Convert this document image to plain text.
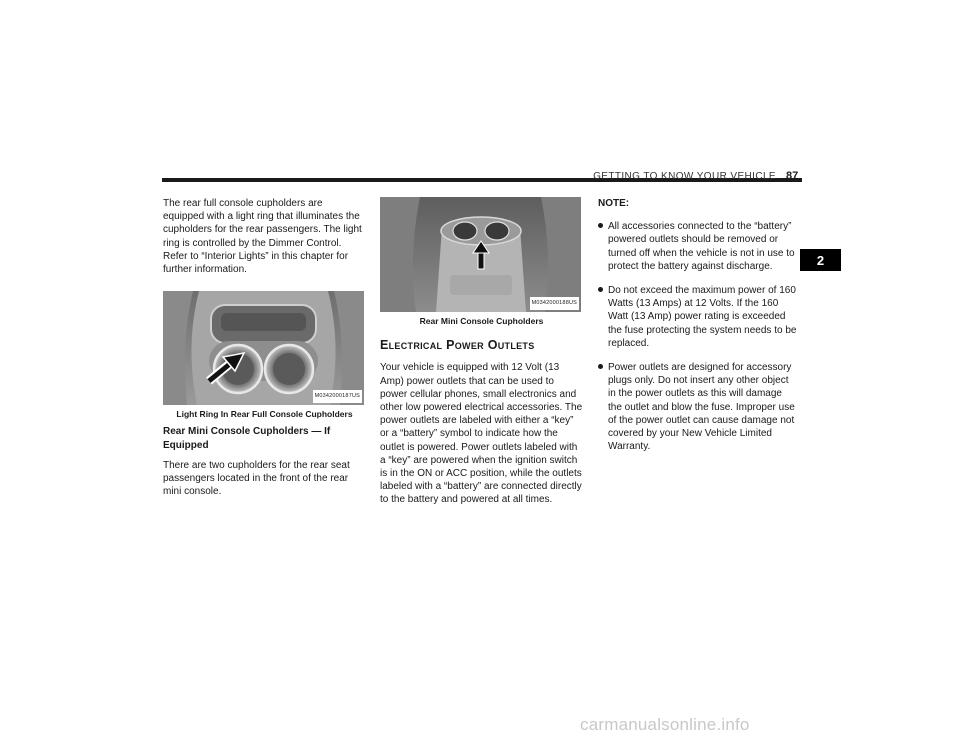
GETTING TO KNOW YOUR VEHICLE 87
2

The rear full console cupholders are equipped with a light ring that illuminates the cupholders for the rear passengers. The light ring is controlled by the Dimmer Control. Refer to “Interior Lights” in this chapter for further information.

M0342000187US
Light Ring In Rear Full Console Cupholders
Rear Mini Console Cupholders — If Equipped

There are two cupholders for the rear seat passengers located in the front of the rear mini console.

M0342000188US
Rear Mini Console Cupholders
Electrical Power Outlets

Your vehicle is equipped with 12 Volt (13 Amp) power outlets that can be used to power cellular phones, small electronics and other low powered electrical accessories. The power outlets are labeled with either a “key” or a “battery” symbol to indicate how the outlet is powered. Power outlets labeled with a “key” are powered when the ignition switch is in the ON or ACC position, while the outlets labeled with a “battery” are connected directly to the battery and powered at all times.

NOTE:
All accessories connected to the “battery” powered outlets should be removed or turned off when the vehicle is not in use to protect the battery against discharge.
Do not exceed the maximum power of 160 Watts (13 Amps) at 12 Volts. If the 160 Watt (13 Amp) power rating is exceeded the fuse protecting the system needs to be replaced.
Power outlets are designed for accessory plugs only. Do not insert any other object in the power outlets as this will damage the outlet and blow the fuse. Improper use of the power outlet can cause damage not covered by your New Vehicle Limited Warranty.
carmanualsonline.info
